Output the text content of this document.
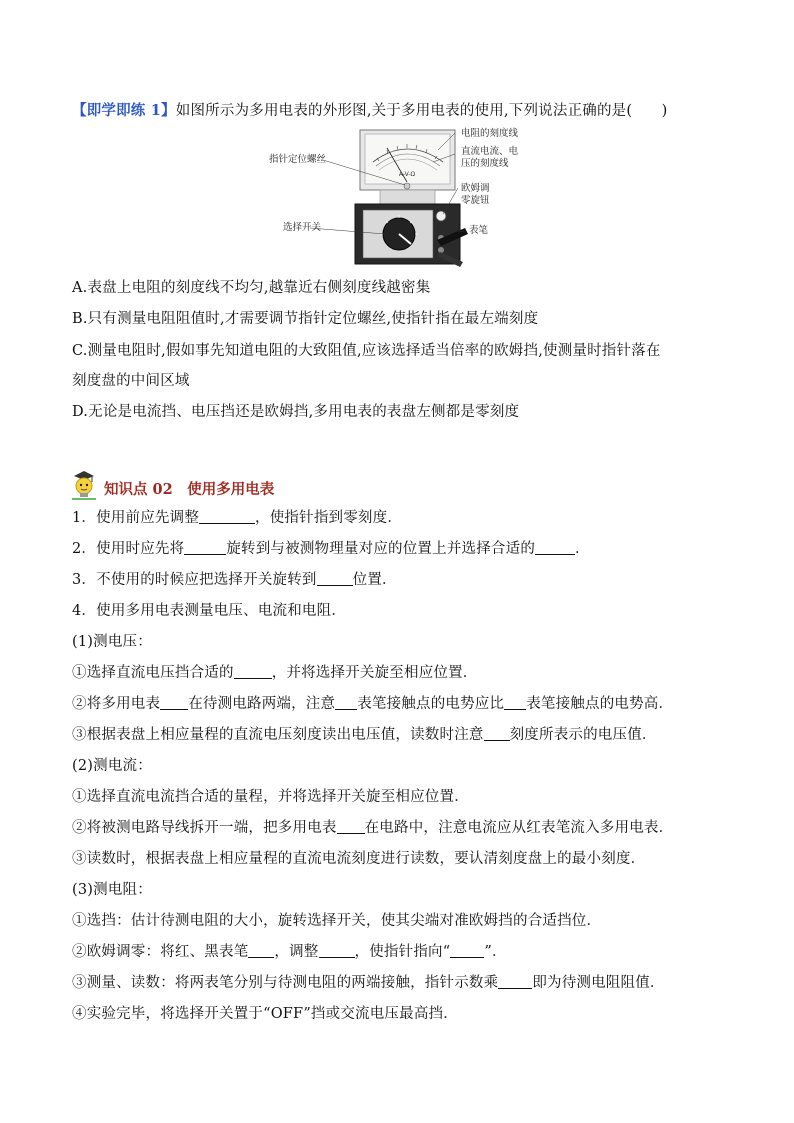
【即学即练 1】如图所示为多用电表的外形图,关于多用电表的使用,下列说法正确的是(　　)
A-V-Ω
指针定位螺丝
选择开关
电阻的刻度线
直流电流、电
压的刻度线
欧姆调
零旋钮
表笔
A.表盘上电阻的刻度线不均匀,越靠近右侧刻度线越密集
B.只有测量电阻阻值时,才需要调节指针定位螺丝,使指针指在最左端刻度
C.测量电阻时,假如事先知道电阻的大致阻值,应该选择适当倍率的欧姆挡,使测量时指针落在
刻度盘的中间区域
D.无论是电流挡、电压挡还是欧姆挡,多用电表的表盘左侧都是零刻度
知识点 02　使用多用电表
1．使用前应先调整	，使指针指到零刻度．
2．使用时应先将	旋转到与被测物理量对应的位置上并选择合适的	．
3．不使用的时候应把选择开关旋转到 位置．
4．使用多用电表测量电压、电流和电阻．
(1)测电压：
①选择直流电压挡合适的	，并将选择开关旋至相应位置．
②将多用电表 在待测电路两端，注意 表笔接触点的电势应比 表笔接触点的电势高．
③根据表盘上相应量程的直流电压刻度读出电压值，读数时注意 刻度所表示的电压值．
(2)测电流：
①选择直流电流挡合适的量程，并将选择开关旋至相应位置．
②将被测电路导线拆开一端，把多用电表 在电路中，注意电流应从红表笔流入多用电表．
③读数时，根据表盘上相应量程的直流电流刻度进行读数，要认清刻度盘上的最小刻度．
(3)测电阻：
①选挡：估计待测电阻的大小，旋转选择开关，使其尖端对准欧姆挡的合适挡位．
②欧姆调零：将红、黑表笔 ，调整 ，使指针指向“ ”．
③测量、读数：将两表笔分别与待测电阻的两端接触，指针示数乘 即为待测电阻阻值．
④实验完毕，将选择开关置于“OFF”挡或交流电压最高挡．
